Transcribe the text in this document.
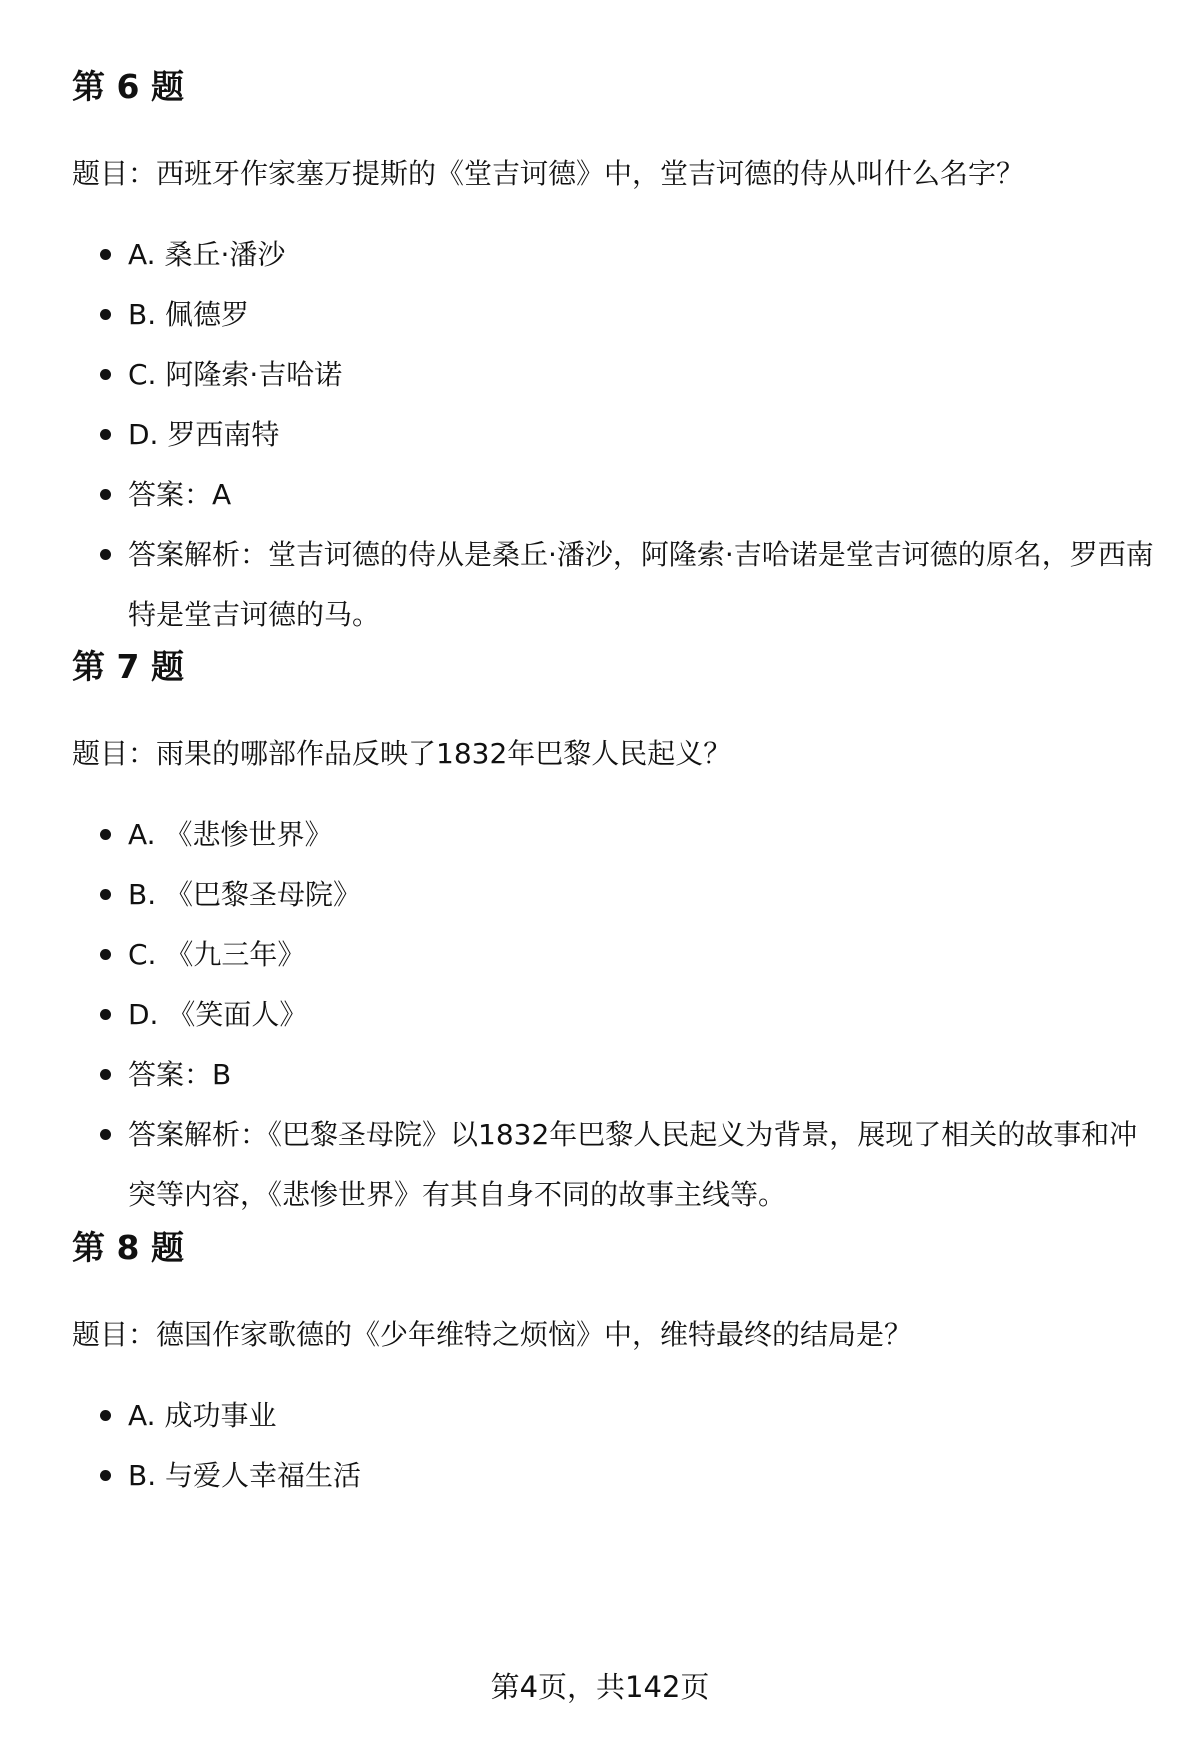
第 6 题

题目：西班牙作家塞万提斯的《堂吉诃德》中，堂吉诃德的侍从叫什么名字？

A. 桑丘·潘沙
B. 佩德罗
C. 阿隆索·吉哈诺
D. 罗西南特
答案：A
答案解析：堂吉诃德的侍从是桑丘·潘沙，阿隆索·吉哈诺是堂吉诃德的原名，罗西南特是堂吉诃德的马。
第 7 题

题目：雨果的哪部作品反映了1832年巴黎人民起义？

A. 《悲惨世界》
B. 《巴黎圣母院》
C. 《九三年》
D. 《笑面人》
答案：B
答案解析：《巴黎圣母院》以1832年巴黎人民起义为背景，展现了相关的故事和冲突等内容，《悲惨世界》有其自身不同的故事主线等。
第 8 题

题目：德国作家歌德的《少年维特之烦恼》中，维特最终的结局是？

A. 成功事业
B. 与爱人幸福生活
第4页，共142页
